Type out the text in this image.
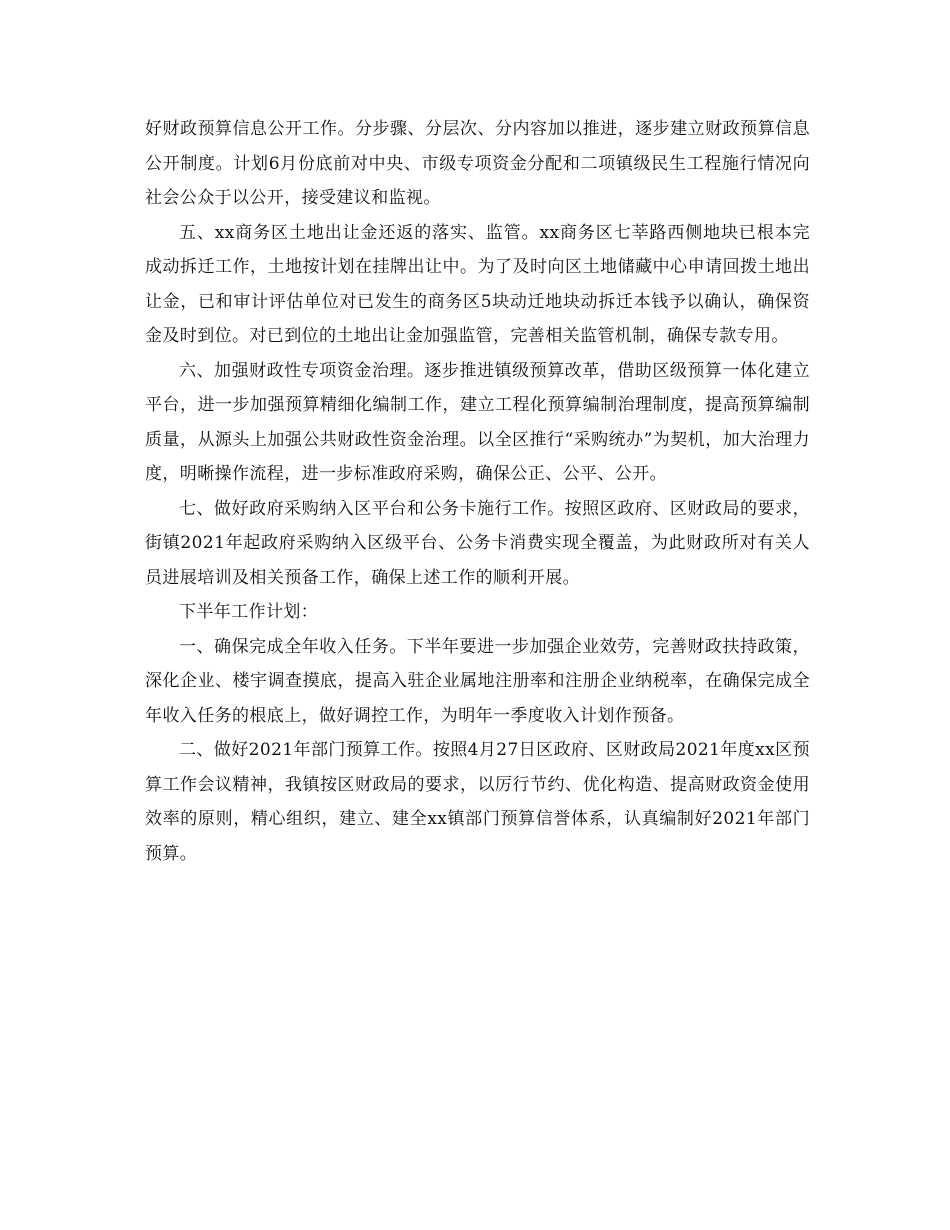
好财政预算信息公开工作。分步骤、分层次、分内容加以推进，逐步建立财政预算信息公开制度。计划6月份底前对中央、市级专项资金分配和二项镇级民生工程施行情况向社会公众于以公开，接受建议和监视。

五、xx商务区土地出让金还返的落实、监管。xx商务区七莘路西侧地块已根本完成动拆迁工作，土地按计划在挂牌出让中。为了及时向区土地储藏中心申请回拨土地出让金，已和审计评估单位对已发生的商务区5块动迁地块动拆迁本钱予以确认，确保资金及时到位。对已到位的土地出让金加强监管，完善相关监管机制，确保专款专用。

六、加强财政性专项资金治理。逐步推进镇级预算改革，借助区级预算一体化建立平台，进一步加强预算精细化编制工作，建立工程化预算编制治理制度，提高预算编制质量，从源头上加强公共财政性资金治理。以全区推行“采购统办”为契机，加大治理力度，明晰操作流程，进一步标准政府采购，确保公正、公平、公开。

七、做好政府采购纳入区平台和公务卡施行工作。按照区政府、区财政局的要求，街镇2021年起政府采购纳入区级平台、公务卡消费实现全覆盖，为此财政所对有关人员进展培训及相关预备工作，确保上述工作的顺利开展。

下半年工作计划：

一、确保完成全年收入任务。下半年要进一步加强企业效劳，完善财政扶持政策，深化企业、楼宇调查摸底，提高入驻企业属地注册率和注册企业纳税率，在确保完成全年收入任务的根底上，做好调控工作，为明年一季度收入计划作预备。

二、做好2021年部门预算工作。按照4月27日区政府、区财政局2021年度xx区预算工作会议精神，我镇按区财政局的要求，以厉行节约、优化构造、提高财政资金使用效率的原则，精心组织，建立、建全xx镇部门预算信誉体系，认真编制好2021年部门预算。
